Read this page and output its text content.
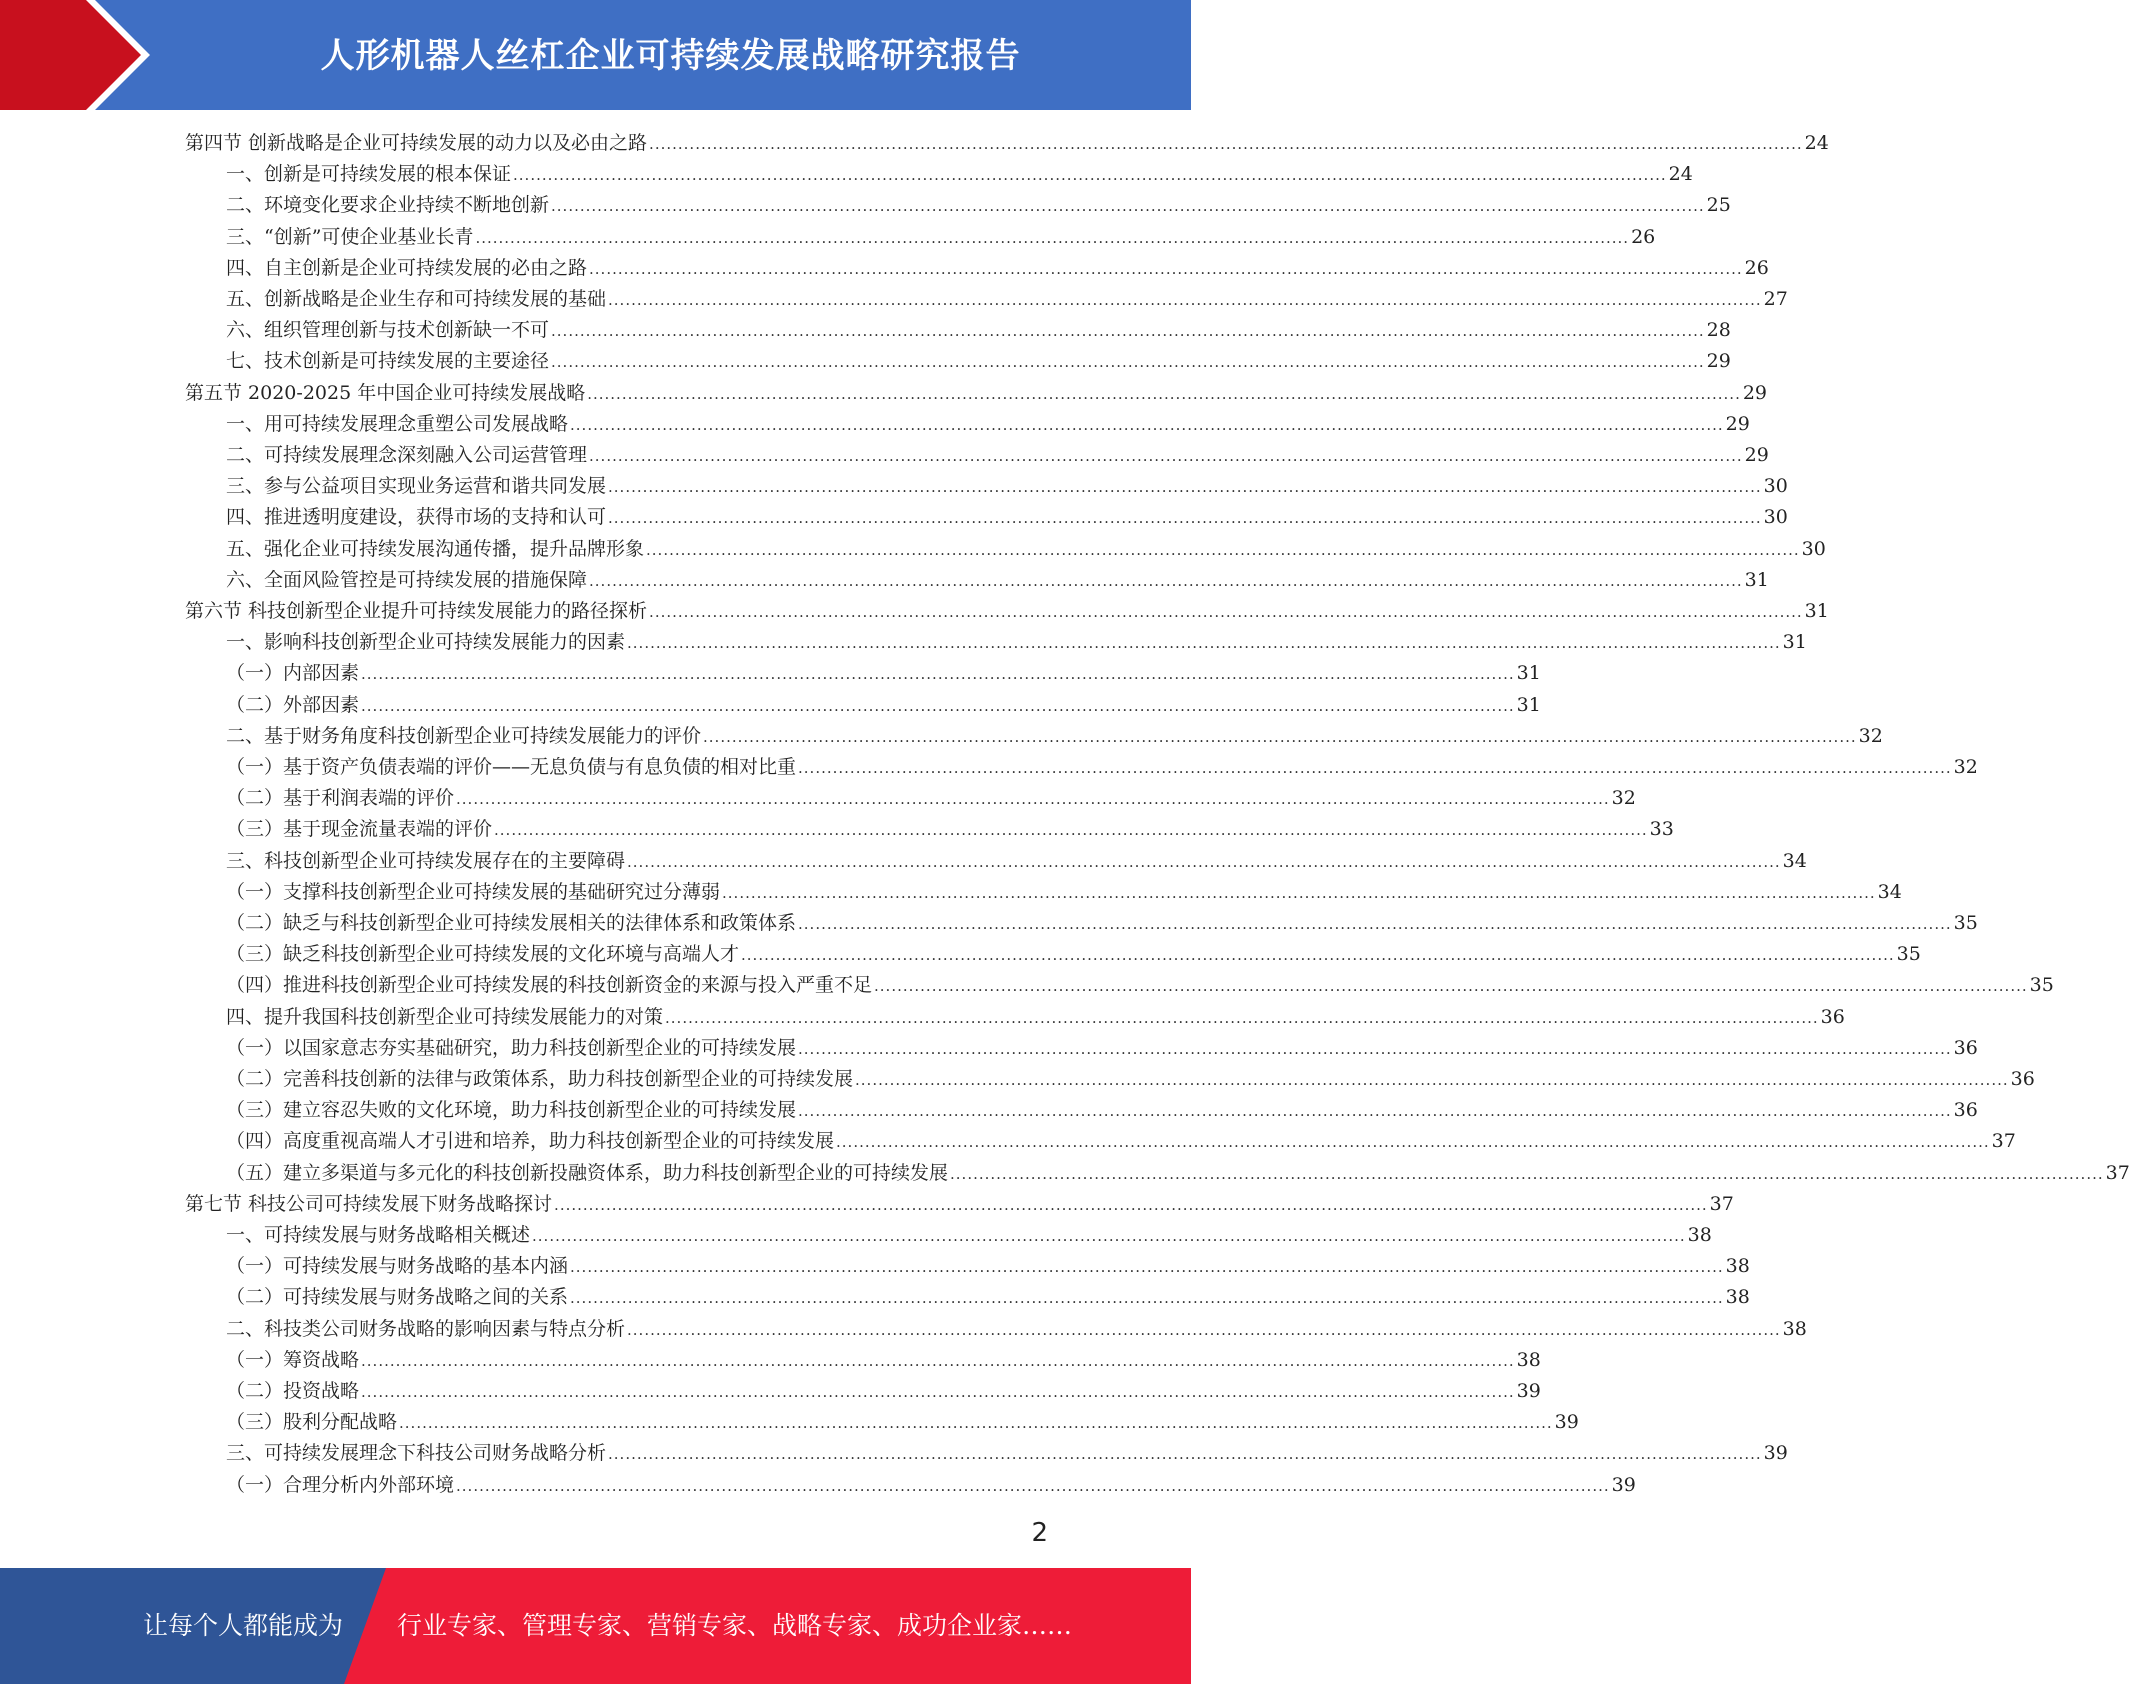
人形机器人丝杠企业可持续发展战略研究报告
第四节 创新战略是企业可持续发展的动力以及必由之路 ........................................................................................................................................................................................................ 24
一、创新是可持续发展的根本保证 ........................................................................................................................................................................................................ 24
二、环境变化要求企业持续不断地创新 ........................................................................................................................................................................................................ 25
三、“创新”可使企业基业长青 ........................................................................................................................................................................................................ 26
四、自主创新是企业可持续发展的必由之路 ........................................................................................................................................................................................................ 26
五、创新战略是企业生存和可持续发展的基础 ........................................................................................................................................................................................................ 27
六、组织管理创新与技术创新缺一不可 ........................................................................................................................................................................................................ 28
七、技术创新是可持续发展的主要途径 ........................................................................................................................................................................................................ 29
第五节 2020-2025 年中国企业可持续发展战略 ........................................................................................................................................................................................................ 29
一、用可持续发展理念重塑公司发展战略 ........................................................................................................................................................................................................ 29
二、可持续发展理念深刻融入公司运营管理 ........................................................................................................................................................................................................ 29
三、参与公益项目实现业务运营和谐共同发展 ........................................................................................................................................................................................................ 30
四、推进透明度建设，获得市场的支持和认可 ........................................................................................................................................................................................................ 30
五、强化企业可持续发展沟通传播，提升品牌形象 ........................................................................................................................................................................................................ 30
六、全面风险管控是可持续发展的措施保障 ........................................................................................................................................................................................................ 31
第六节 科技创新型企业提升可持续发展能力的路径探析 ........................................................................................................................................................................................................ 31
一、影响科技创新型企业可持续发展能力的因素 ........................................................................................................................................................................................................ 31
（一）内部因素 ........................................................................................................................................................................................................ 31
（二）外部因素 ........................................................................................................................................................................................................ 31
二、基于财务角度科技创新型企业可持续发展能力的评价 ........................................................................................................................................................................................................ 32
（一）基于资产负债表端的评价——无息负债与有息负债的相对比重 ........................................................................................................................................................................................................ 32
（二）基于利润表端的评价 ........................................................................................................................................................................................................ 32
（三）基于现金流量表端的评价 ........................................................................................................................................................................................................ 33
三、科技创新型企业可持续发展存在的主要障碍 ........................................................................................................................................................................................................ 34
（一）支撑科技创新型企业可持续发展的基础研究过分薄弱 ........................................................................................................................................................................................................ 34
（二）缺乏与科技创新型企业可持续发展相关的法律体系和政策体系 ........................................................................................................................................................................................................ 35
（三）缺乏科技创新型企业可持续发展的文化环境与高端人才 ........................................................................................................................................................................................................ 35
（四）推进科技创新型企业可持续发展的科技创新资金的来源与投入严重不足 ........................................................................................................................................................................................................ 35
四、提升我国科技创新型企业可持续发展能力的对策 ........................................................................................................................................................................................................ 36
（一）以国家意志夯实基础研究，助力科技创新型企业的可持续发展 ........................................................................................................................................................................................................ 36
（二）完善科技创新的法律与政策体系，助力科技创新型企业的可持续发展 ........................................................................................................................................................................................................ 36
（三）建立容忍失败的文化环境，助力科技创新型企业的可持续发展 ........................................................................................................................................................................................................ 36
（四）高度重视高端人才引进和培养，助力科技创新型企业的可持续发展 ........................................................................................................................................................................................................ 37
（五）建立多渠道与多元化的科技创新投融资体系，助力科技创新型企业的可持续发展 ........................................................................................................................................................................................................ 37
第七节 科技公司可持续发展下财务战略探讨 ........................................................................................................................................................................................................ 37
一、可持续发展与财务战略相关概述 ........................................................................................................................................................................................................ 38
（一）可持续发展与财务战略的基本内涵 ........................................................................................................................................................................................................ 38
（二）可持续发展与财务战略之间的关系 ........................................................................................................................................................................................................ 38
二、科技类公司财务战略的影响因素与特点分析 ........................................................................................................................................................................................................ 38
（一）筹资战略 ........................................................................................................................................................................................................ 38
（二）投资战略 ........................................................................................................................................................................................................ 39
（三）股利分配战略 ........................................................................................................................................................................................................ 39
三、可持续发展理念下科技公司财务战略分析 ........................................................................................................................................................................................................ 39
（一）合理分析内外部环境 ........................................................................................................................................................................................................ 39
2
让每个人都能成为 行业专家、管理专家、营销专家、战略专家、成功企业家……
